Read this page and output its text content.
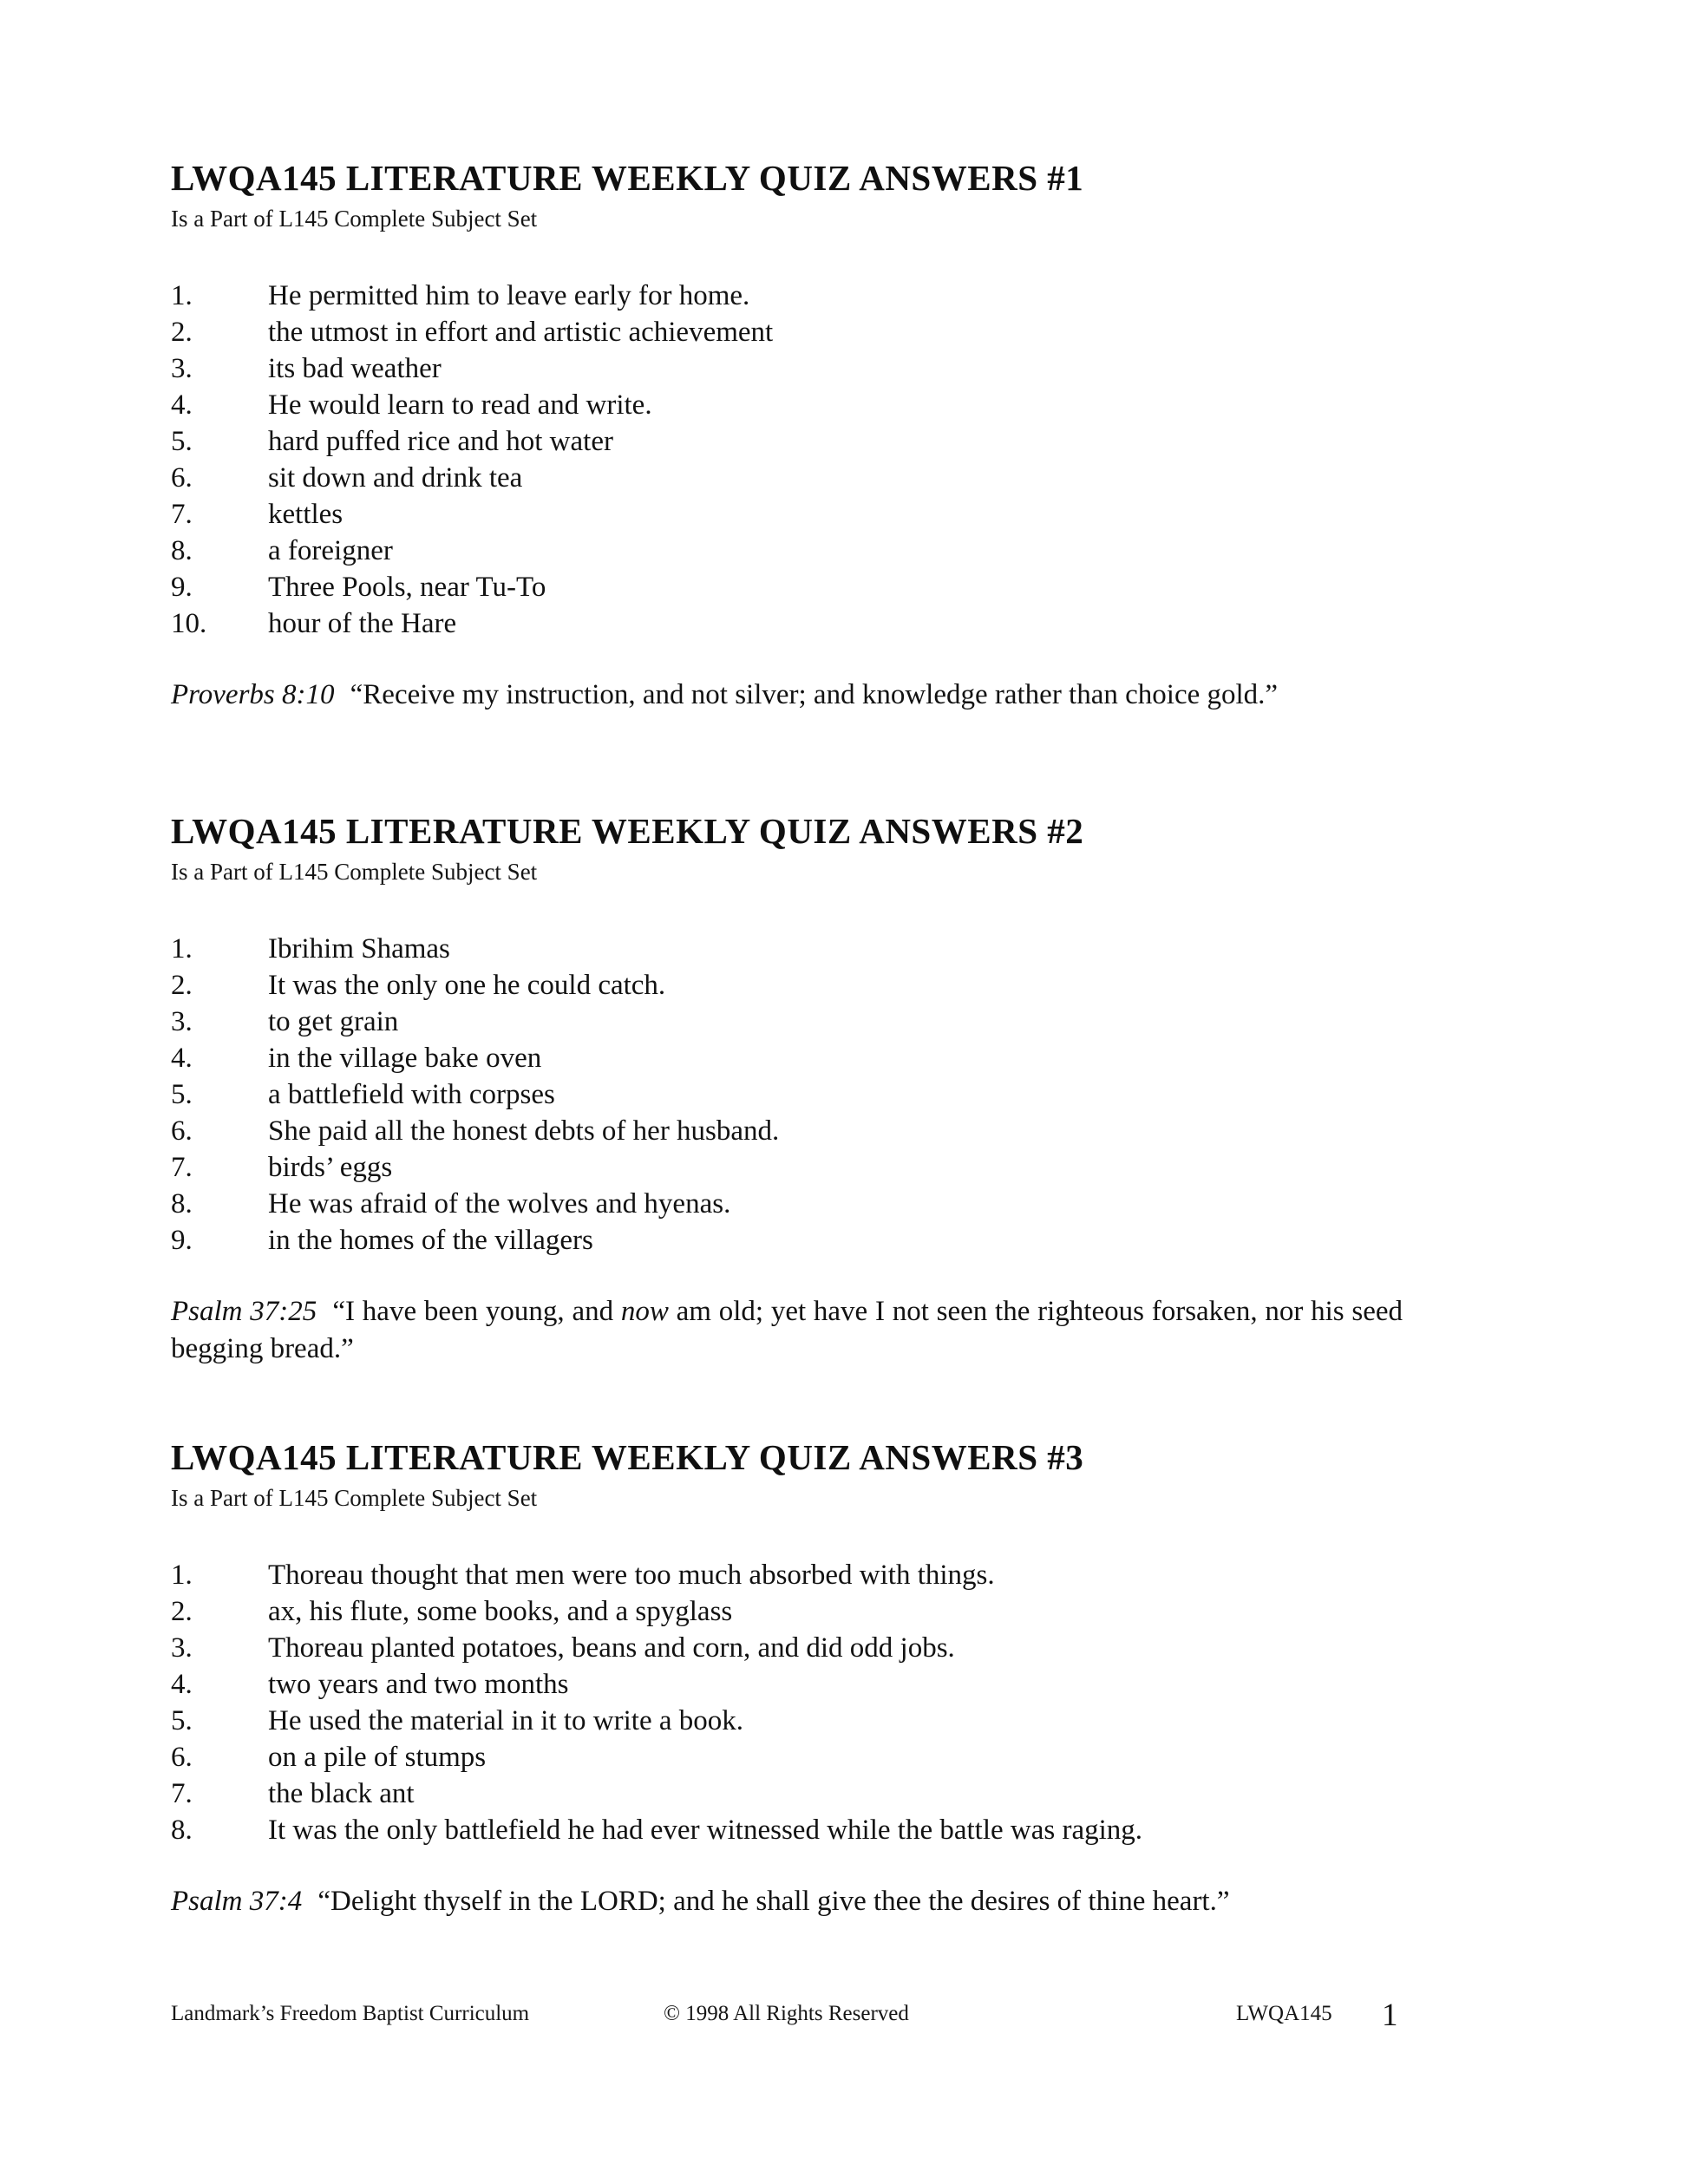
LWQA145 LITERATURE WEEKLY QUIZ ANSWERS #1
Is a Part of L145 Complete Subject Set
1.	He permitted him to leave early for home.
2.	the utmost in effort and artistic achievement
3.	its bad weather
4.	He would learn to read and write.
5.	hard puffed rice and hot water
6.	sit down and drink tea
7.	kettles
8.	a foreigner
9.	Three Pools, near Tu-To
10.	hour of the Hare

Proverbs 8:10 “Receive my instruction, and not silver; and knowledge rather than choice gold.”

LWQA145 LITERATURE WEEKLY QUIZ ANSWERS #2
Is a Part of L145 Complete Subject Set
1.	Ibrihim Shamas
2.	It was the only one he could catch.
3.	to get grain
4.	in the village bake oven
5.	a battlefield with corpses
6.	She paid all the honest debts of her husband.
7.	birds’ eggs
8.	He was afraid of the wolves and hyenas.
9.	in the homes of the villagers

Psalm 37:25 “I have been young, and now am old; yet have I not seen the righteous forsaken, nor his seed begging bread.”

LWQA145 LITERATURE WEEKLY QUIZ ANSWERS #3
Is a Part of L145 Complete Subject Set
1.	Thoreau thought that men were too much absorbed with things.
2.	ax, his flute, some books, and a spyglass
3.	Thoreau planted potatoes, beans and corn, and did odd jobs.
4.	two years and two months
5.	He used the material in it to write a book.
6.	on a pile of stumps
7.	the black ant
8.	It was the only battlefield he had ever witnessed while the battle was raging.

Psalm 37:4 “Delight thyself in the LORD; and he shall give thee the desires of thine heart.”

Landmark’s Freedom Baptist Curriculum	© 1998 All Rights Reserved	LWQA145 1
